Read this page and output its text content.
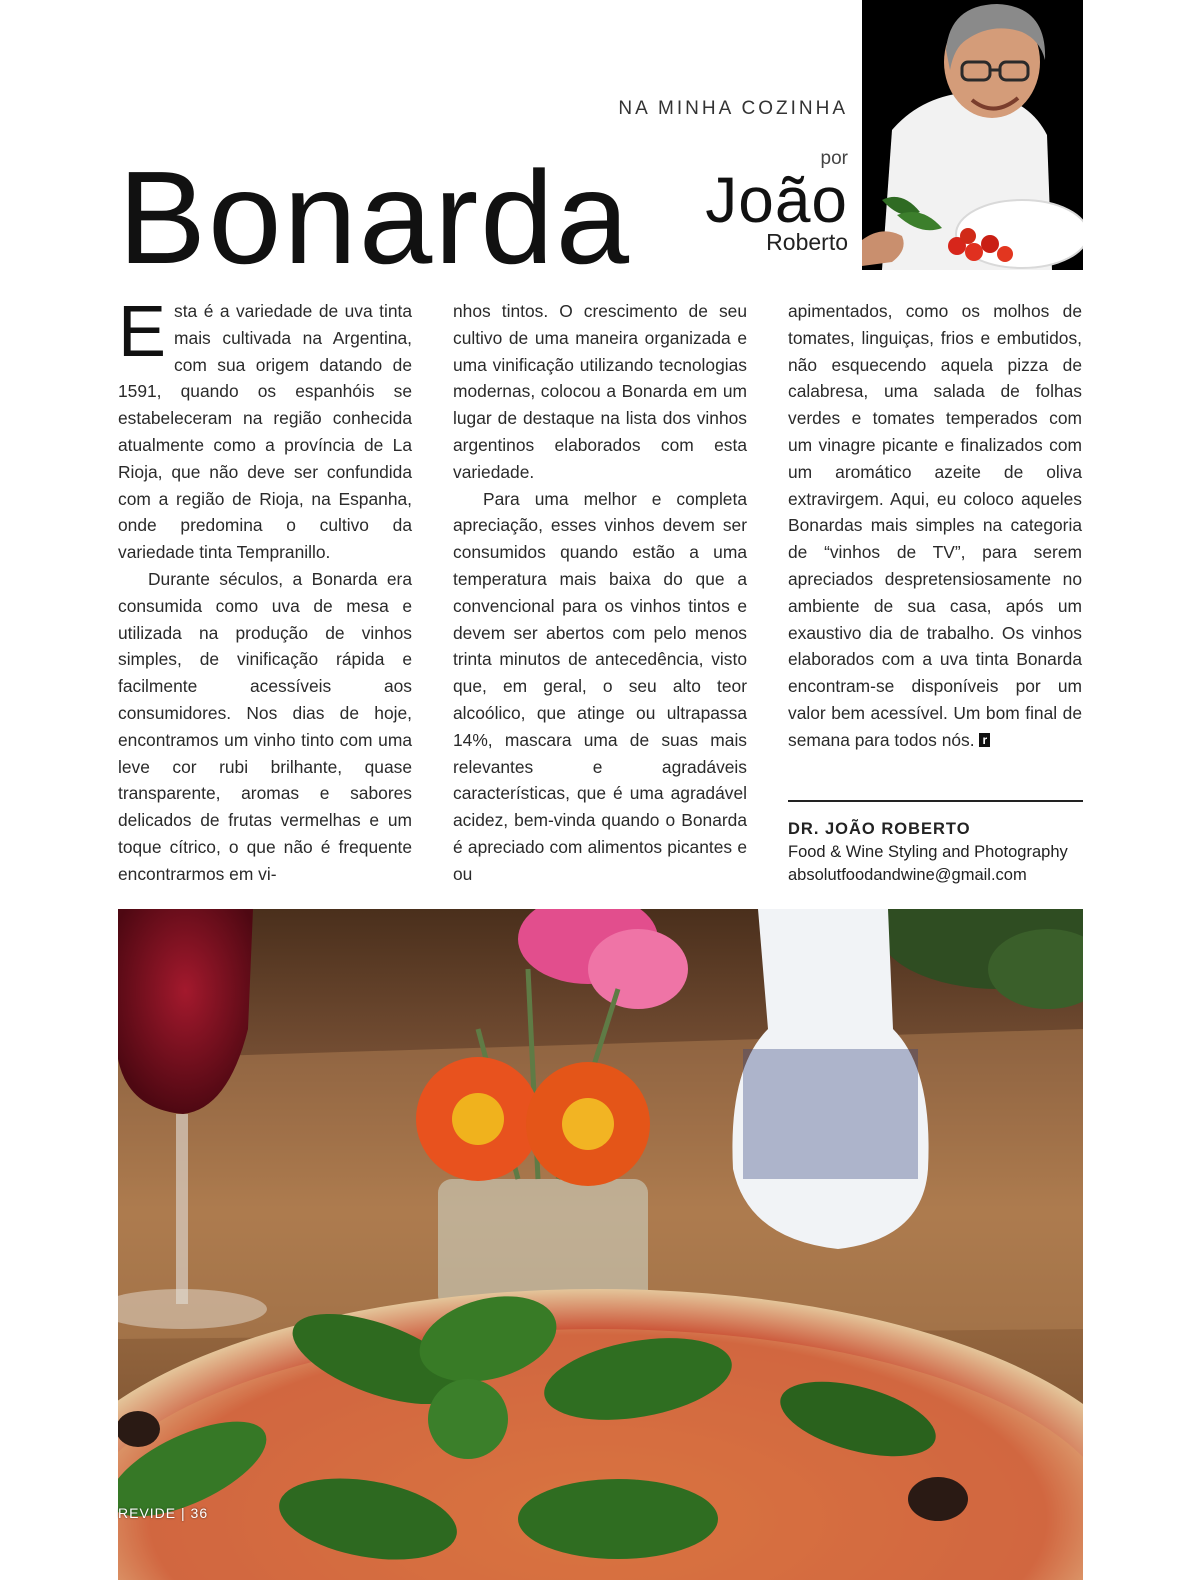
NA MINHA COZINHA
Bonarda	por
João
Roberto

Esta é a variedade de uva tinta mais cultivada na Argentina, com sua origem datando de 1591, quando os espanhóis se estabeleceram na região conhecida atualmente como a província de La Rioja, que não deve ser confundida com a região de Rioja, na Espanha, onde predomina o cultivo da variedade tinta Tempranillo.

Durante séculos, a Bonarda era consumida como uva de mesa e utilizada na produção de vinhos simples, de vinificação rápida e facilmente acessíveis aos consumidores. Nos dias de hoje, encontramos um vinho tinto com uma leve cor rubi brilhante, quase transparente, aromas e sabores delicados de frutas vermelhas e um toque cítrico, o que não é frequente encontrarmos em vi-

nhos tintos. O crescimento de seu cultivo de uma maneira organizada e uma vinificação utilizando tecnologias modernas, colocou a Bonarda em um lugar de destaque na lista dos vinhos argentinos elaborados com esta variedade.

Para uma melhor e completa apreciação, esses vinhos devem ser consumidos quando estão a uma temperatura mais baixa do que a convencional para os vinhos tintos e devem ser abertos com pelo menos trinta minutos de antecedência, visto que, em geral, o seu alto teor alcoólico, que atinge ou ultrapassa 14%, mascara uma de suas mais relevantes e agradáveis características, que é uma agradável acidez, bem-vinda quando o Bonarda é apreciado com alimentos picantes e ou

apimentados, como os molhos de tomates, linguiças, frios e embutidos, não esquecendo aquela pizza de calabresa, uma salada de folhas verdes e tomates temperados com um vinagre picante e finalizados com um aromático azeite de oliva extravirgem. Aqui, eu coloco aqueles Bonardas mais simples na categoria de “vinhos de TV”, para serem apreciados despretensiosamente no ambiente de sua casa, após um exaustivo dia de trabalho. Os vinhos elaborados com a uva tinta Bonarda encontram-se disponíveis por um valor bem acessível. Um bom final de semana para todos nós. r

DR. JOÃO ROBERTO
Food & Wine Styling and Photography
absolutfoodandwine@gmail.com
REVIDE | 36
